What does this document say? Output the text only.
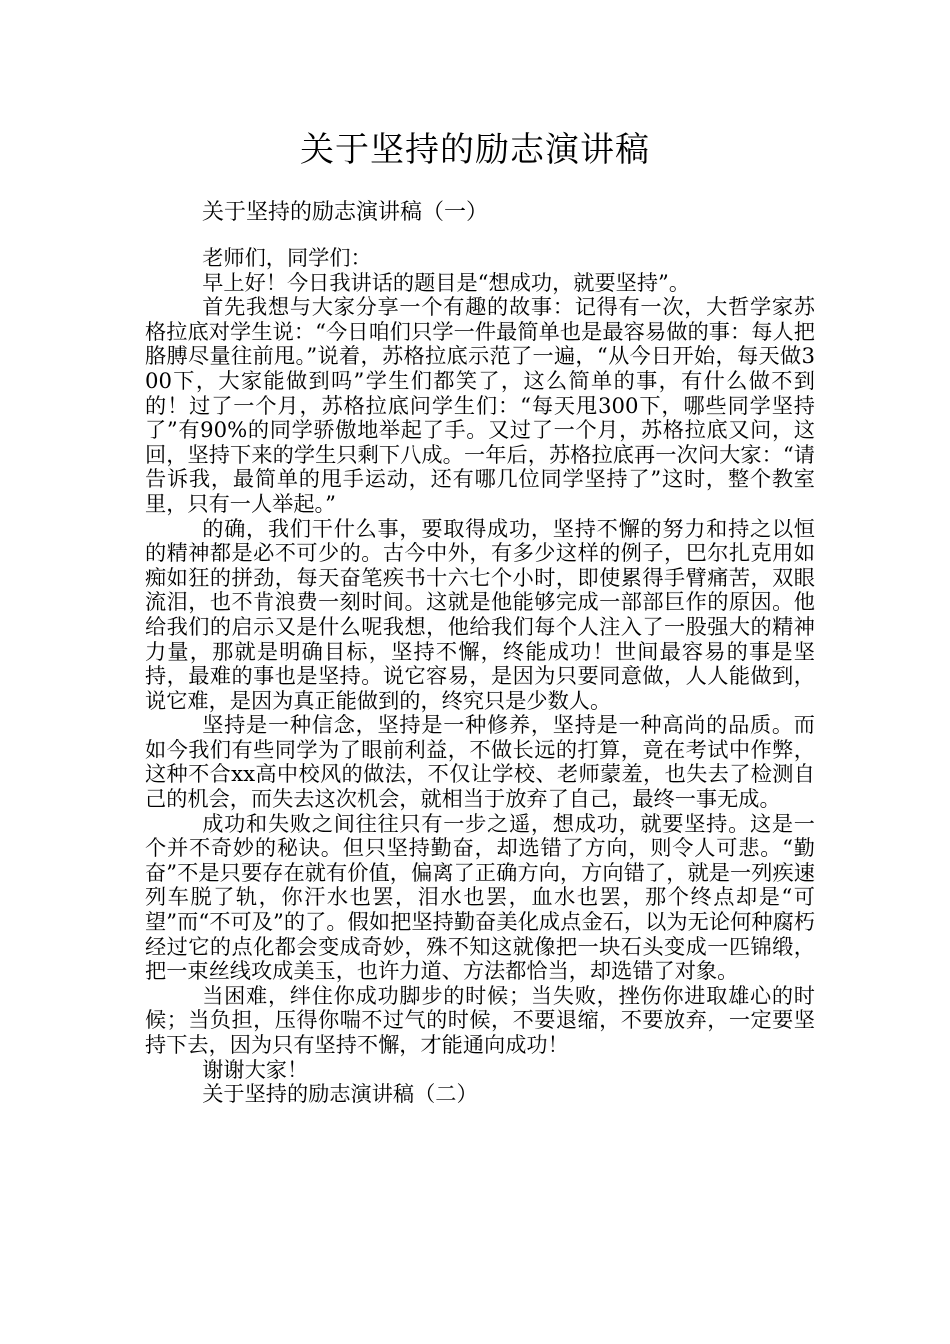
关于坚持的励志演讲稿
关于坚持的励志演讲稿（一）

老师们，同学们：

早上好！今日我讲话的题目是“想成功，就要坚持”。

首先我想与大家分享一个有趣的故事：记得有一次，大哲学家苏格拉底对学生说：“今日咱们只学一件最简单也是最容易做的事：每人把胳膊尽量往前甩。”说着，苏格拉底示范了一遍，“从今日开始，每天做300下，大家能做到吗”学生们都笑了，这么简单的事，有什么做不到的！过了一个月，苏格拉底问学生们：“每天甩300下，哪些同学坚持了”有90%的同学骄傲地举起了手。又过了一个月，苏格拉底又问，这回，坚持下来的学生只剩下八成。一年后，苏格拉底再一次问大家：“请告诉我，最简单的甩手运动，还有哪几位同学坚持了”这时，整个教室里，只有一人举起。”

的确，我们干什么事，要取得成功，坚持不懈的努力和持之以恒的精神都是必不可少的。古今中外，有多少这样的例子，巴尔扎克用如痴如狂的拼劲，每天奋笔疾书十六七个小时，即使累得手臂痛苦，双眼流泪，也不肯浪费一刻时间。这就是他能够完成一部部巨作的原因。他给我们的启示又是什么呢我想，他给我们每个人注入了一股强大的精神力量，那就是明确目标，坚持不懈，终能成功！世间最容易的事是坚持，最难的事也是坚持。说它容易，是因为只要同意做，人人能做到，说它难，是因为真正能做到的，终究只是少数人。

坚持是一种信念，坚持是一种修养，坚持是一种高尚的品质。而如今我们有些同学为了眼前利益，不做长远的打算，竟在考试中作弊，这种不合xx高中校风的做法，不仅让学校、老师蒙羞，也失去了检测自己的机会，而失去这次机会，就相当于放弃了自己，最终一事无成。

成功和失败之间往往只有一步之遥，想成功，就要坚持。这是一个并不奇妙的秘诀。但只坚持勤奋，却选错了方向，则令人可悲。“勤奋”不是只要存在就有价值，偏离了正确方向，方向错了，就是一列疾速列车脱了轨，你汗水也罢，泪水也罢，血水也罢，那个终点却是“可望”而“不可及”的了。假如把坚持勤奋美化成点金石，以为无论何种腐朽经过它的点化都会变成奇妙，殊不知这就像把一块石头变成一匹锦缎，把一束丝线攻成美玉，也许力道、方法都恰当，却选错了对象。

当困难，绊住你成功脚步的时候；当失败，挫伤你进取雄心的时候；当负担，压得你喘不过气的时候，不要退缩，不要放弃，一定要坚持下去，因为只有坚持不懈，才能通向成功！

谢谢大家！

关于坚持的励志演讲稿（二）
